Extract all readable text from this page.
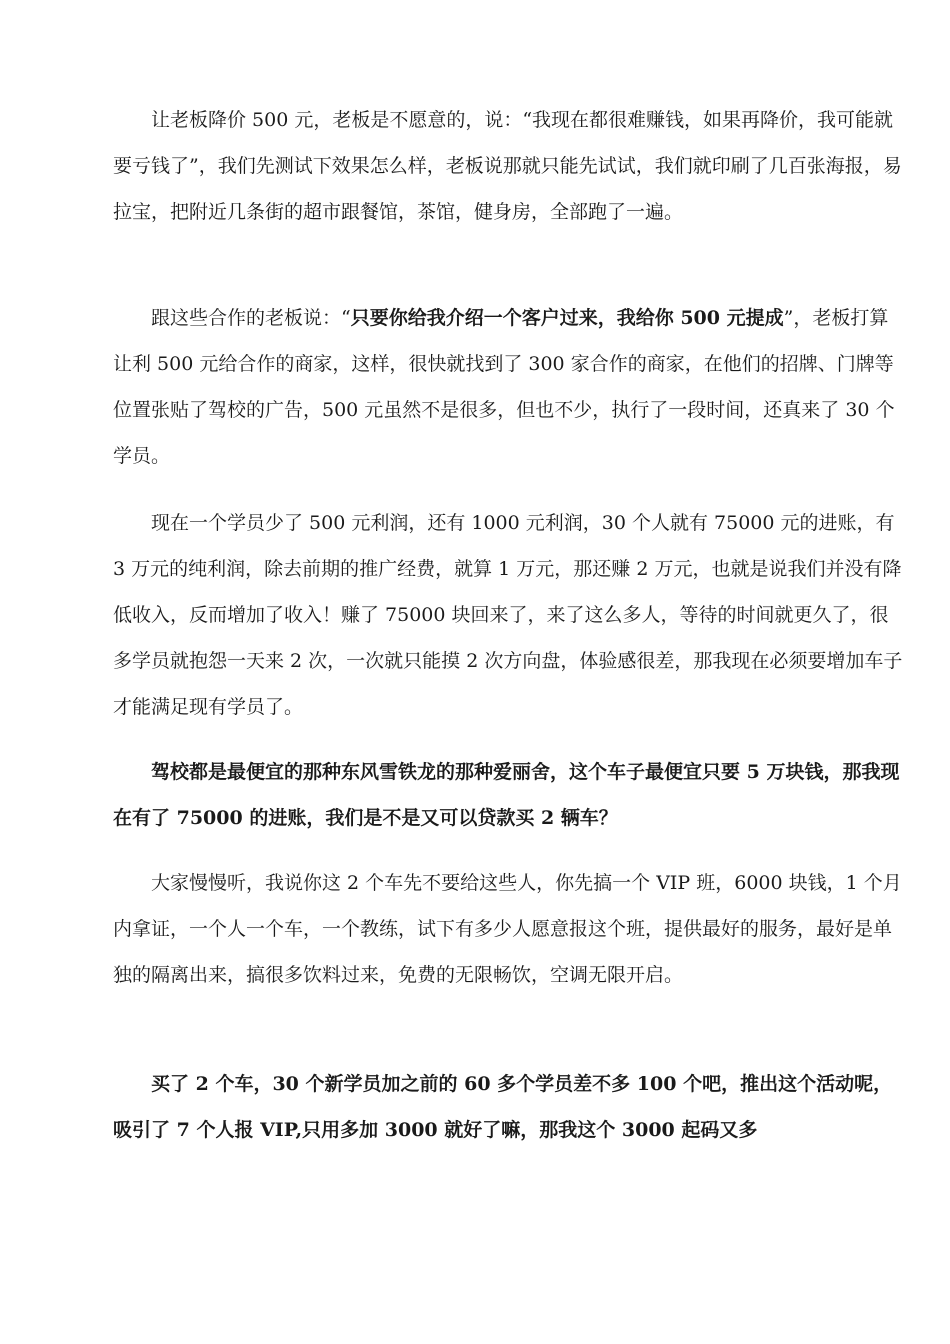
让老板降价 500 元，老板是不愿意的，说：“我现在都很难赚钱，如果再降价，我可能就要亏钱了”，我们先测试下效果怎么样，老板说那就只能先试试，我们就印刷了几百张海报，易拉宝，把附近几条街的超市跟餐馆，茶馆，健身房，全部跑了一遍。

跟这些合作的老板说：“只要你给我介绍一个客户过来，我给你 500 元提成”，老板打算让利 500 元给合作的商家，这样，很快就找到了 300 家合作的商家，在他们的招牌、门牌等位置张贴了驾校的广告，500 元虽然不是很多，但也不少，执行了一段时间，还真来了 30 个学员。

现在一个学员少了 500 元利润，还有 1000 元利润，30 个人就有 75000 元的进账，有 3 万元的纯利润，除去前期的推广经费，就算 1 万元，那还赚 2 万元，也就是说我们并没有降低收入，反而增加了收入！赚了 75000 块回来了，来了这么多人，等待的时间就更久了，很多学员就抱怨一天来 2 次，一次就只能摸 2 次方向盘，体验感很差，那我现在必须要增加车子才能满足现有学员了。

驾校都是最便宜的那种东风雪铁龙的那种爱丽舍，这个车子最便宜只要 5 万块钱，那我现在有了 75000 的进账，我们是不是又可以贷款买 2 辆车？

大家慢慢听，我说你这 2 个车先不要给这些人，你先搞一个 VIP 班，6000 块钱，1 个月内拿证，一个人一个车，一个教练，试下有多少人愿意报这个班，提供最好的服务，最好是单独的隔离出来，搞很多饮料过来，免费的无限畅饮，空调无限开启。

买了 2 个车，30 个新学员加之前的 60 多个学员差不多 100 个吧，推出这个活动呢，吸引了 7 个人报 VIP,只用多加 3000 就好了嘛，那我这个 3000 起码又多
